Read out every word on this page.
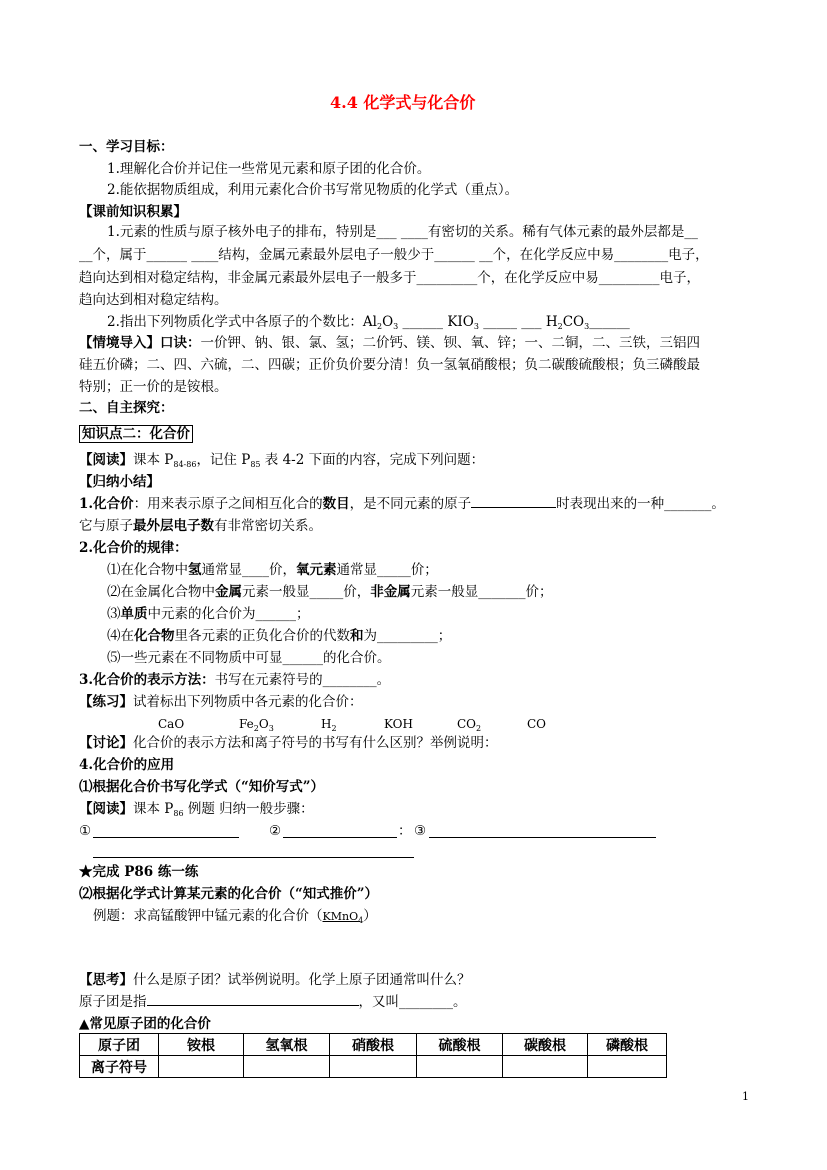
4.4 化学式与化合价
一、学习目标：
1.理解化合价并记住一些常见元素和原子团的化合价。
2.能依据物质组成，利用元素化合价书写常见物质的化学式（重点）。
【课前知识积累】
1.元素的性质与原子核外电子的排布，特别是___ ____有密切的关系。稀有气体元素的最外层都是__
__个，属于______ ____结构，金属元素最外层电子一般少于______ __个，在化学反应中易________电子，
趋向达到相对稳定结构，非金属元素最外层电子一般多于_________个，在化学反应中易_________电子，
趋向达到相对稳定结构。
2.指出下列物质化学式中各原子的个数比：$Al_2O_3$ ______ $KIO_3$ _____ ___ $H_2CO_3\_\_\_\_\_\_$
【情境导入】口诀：一价钾、钠、银、氯、氢；二价钙、镁、钡、氧、锌；一、二铜，二、三铁，三铝四
硅五价磷；二、四、六硫，二、四碳；正价负价要分清！负一氢氧硝酸根；负二碳酸硫酸根；负三磷酸最
特别；正一价的是铵根。
二、自主探究：
知识点二：化合价
【阅读】课本 $P_{84-86}$，记住 $P_{85}$ 表 4-2 下面的内容，完成下列问题：
【归纳小结】
1.化合价：用来表示原子之间相互化合的数目，是不同元素的原子	时表现出来的一种_______。
它与原子最外层电子数有非常密切关系。
2.化合价的规律：
⑴在化合物中氢通常显____价，氧元素通常显_____价；
⑵在金属化合物中金属元素一般显_____价，非金属元素一般显_______价；
⑶单质中元素的化合价为______；
⑷在化合物里各元素的正负化合价的代数和为_________；
⑸一些元素在不同物质中可显______的化合价。
3.化合价的表示方法：书写在元素符号的________。
【练习】试着标出下列物质中各元素的化合价：
CaO	$Fe_2O_3$	$H_2$	KOH	$CO_2$	CO
【讨论】化合价的表示方法和离子符号的书写有什么区别？举例说明：
4.化合价的应用
⑴根据化合价书写化学式（“知价写式”）
【阅读】课本 $P_{86}$ 例题 归纳一般步骤：
①	②	： ③
★完成 P86 练一练
⑵根据化学式计算某元素的化合价（“知式推价”）
例题：求高锰酸钾中锰元素的化合价（KMnO$_4$）
【思考】什么是原子团？试举例说明。化学上原子团通常叫什么？
原子团是指	，又叫________。
▲常见原子团的化合价
原子团	铵根	氢氧根	硝酸根	硫酸根	碳酸根	磷酸根
离子符号						
1
